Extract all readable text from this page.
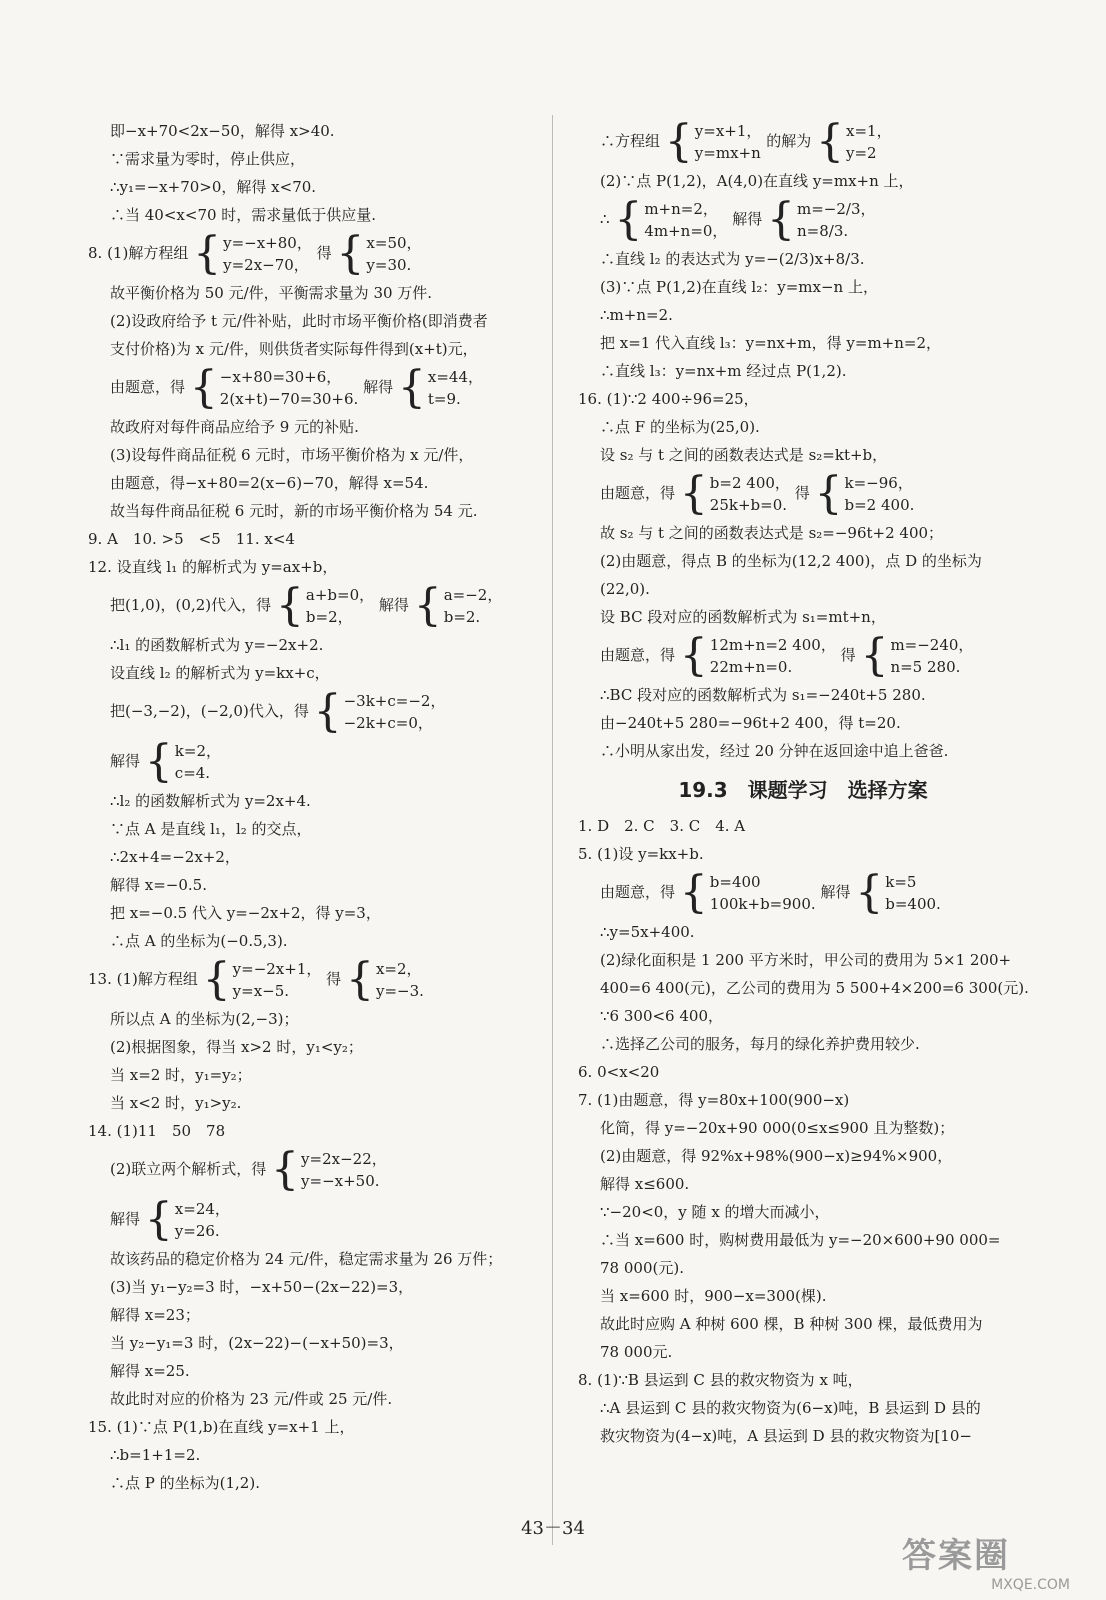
即−x+70<2x−50，解得 x>40.
∵需求量为零时，停止供应，
∴y₁=−x+70>0，解得 x<70.
∴当 40<x<70 时，需求量低于供应量.
8. (1)解方程组 { y=−x+80，
y=2x−70，
得 { x=50，
y=30.
故平衡价格为 50 元/件，平衡需求量为 30 万件.
(2)设政府给予 t 元/件补贴，此时市场平衡价格(即消费者
支付价格)为 x 元/件，则供货者实际每件得到(x+t)元，
由题意，得 { −x+80=30+6，
2(x+t)−70=30+6.
解得 { x=44，
t=9.
故政府对每件商品应给予 9 元的补贴.
(3)设每件商品征税 6 元时，市场平衡价格为 x 元/件，
由题意，得−x+80=2(x−6)−70，解得 x=54.
故当每件商品征税 6 元时，新的市场平衡价格为 54 元.
9. A　10. >5　<5　11. x<4
12. 设直线 l₁ 的解析式为 y=ax+b，
把(1,0)，(0,2)代入，得 { a+b=0，
b=2，
解得 { a=−2，
b=2.
∴l₁ 的函数解析式为 y=−2x+2.
设直线 l₂ 的解析式为 y=kx+c，
把(−3,−2)，(−2,0)代入，得 { −3k+c=−2，
−2k+c=0，
解得 { k=2，
c=4.
∴l₂ 的函数解析式为 y=2x+4.
∵点 A 是直线 l₁，l₂ 的交点，
∴2x+4=−2x+2，
解得 x=−0.5.
把 x=−0.5 代入 y=−2x+2，得 y=3，
∴点 A 的坐标为(−0.5,3).
13. (1)解方程组 { y=−2x+1，
y=x−5.
得 { x=2，
y=−3.
所以点 A 的坐标为(2,−3)；
(2)根据图象，得当 x>2 时，y₁<y₂；
当 x=2 时，y₁=y₂；
当 x<2 时，y₁>y₂.
14. (1)11　50　78
(2)联立两个解析式，得 { y=2x−22，
y=−x+50.
解得 { x=24，
y=26.
故该药品的稳定价格为 24 元/件，稳定需求量为 26 万件；
(3)当 y₁−y₂=3 时，−x+50−(2x−22)=3，
解得 x=23；
当 y₂−y₁=3 时，(2x−22)−(−x+50)=3，
解得 x=25.
故此时对应的价格为 23 元/件或 25 元/件.
15. (1)∵点 P(1,b)在直线 y=x+1 上，
∴b=1+1=2.
∴点 P 的坐标为(1,2).
∴方程组 { y=x+1，
y=mx+n
的解为 { x=1，
y=2
(2)∵点 P(1,2)，A(4,0)在直线 y=mx+n 上，
∴ { m+n=2，
4m+n=0，
解得 { m=−2/3，
n=8/3.
∴直线 l₂ 的表达式为 y=−(2/3)x+8/3.
(3)∵点 P(1,2)在直线 l₂：y=mx−n 上，
∴m+n=2.
把 x=1 代入直线 l₃：y=nx+m，得 y=m+n=2，
∴直线 l₃：y=nx+m 经过点 P(1,2).
16. (1)∵2 400÷96=25，
∴点 F 的坐标为(25,0).
设 s₂ 与 t 之间的函数表达式是 s₂=kt+b，
由题意，得 { b=2 400，
25k+b=0.
得 { k=−96，
b=2 400.
故 s₂ 与 t 之间的函数表达式是 s₂=−96t+2 400；
(2)由题意，得点 B 的坐标为(12,2 400)，点 D 的坐标为
(22,0).
设 BC 段对应的函数解析式为 s₁=mt+n，
由题意，得 { 12m+n=2 400，
22m+n=0.
得 { m=−240，
n=5 280.
∴BC 段对应的函数解析式为 s₁=−240t+5 280.
由−240t+5 280=−96t+2 400，得 t=20.
∴小明从家出发，经过 20 分钟在返回途中追上爸爸.
19.3　课题学习　选择方案
1. D　2. C　3. C　4. A
5. (1)设 y=kx+b.
由题意，得 { b=400
100k+b=900.
解得 { k=5
b=400.
∴y=5x+400.
(2)绿化面积是 1 200 平方米时，甲公司的费用为 5×1 200+
400=6 400(元)，乙公司的费用为 5 500+4×200=6 300(元).
∵6 300<6 400，
∴选择乙公司的服务，每月的绿化养护费用较少.
6. 0<x<20
7. (1)由题意，得 y=80x+100(900−x)
化简，得 y=−20x+90 000(0≤x≤900 且为整数)；
(2)由题意，得 92%x+98%(900−x)≥94%×900，
解得 x≤600.
∵−20<0，y 随 x 的增大而减小，
∴当 x=600 时，购树费用最低为 y=−20×600+90 000=
78 000(元).
当 x=600 时，900−x=300(棵).
故此时应购 A 种树 600 棵，B 种树 300 棵，最低费用为
78 000元.
8. (1)∵B 县运到 C 县的救灾物资为 x 吨，
∴A 县运到 C 县的救灾物资为(6−x)吨，B 县运到 D 县的
救灾物资为(4−x)吨，A 县运到 D 县的救灾物资为[10−
43－34
答案圈
MXQE.COM
